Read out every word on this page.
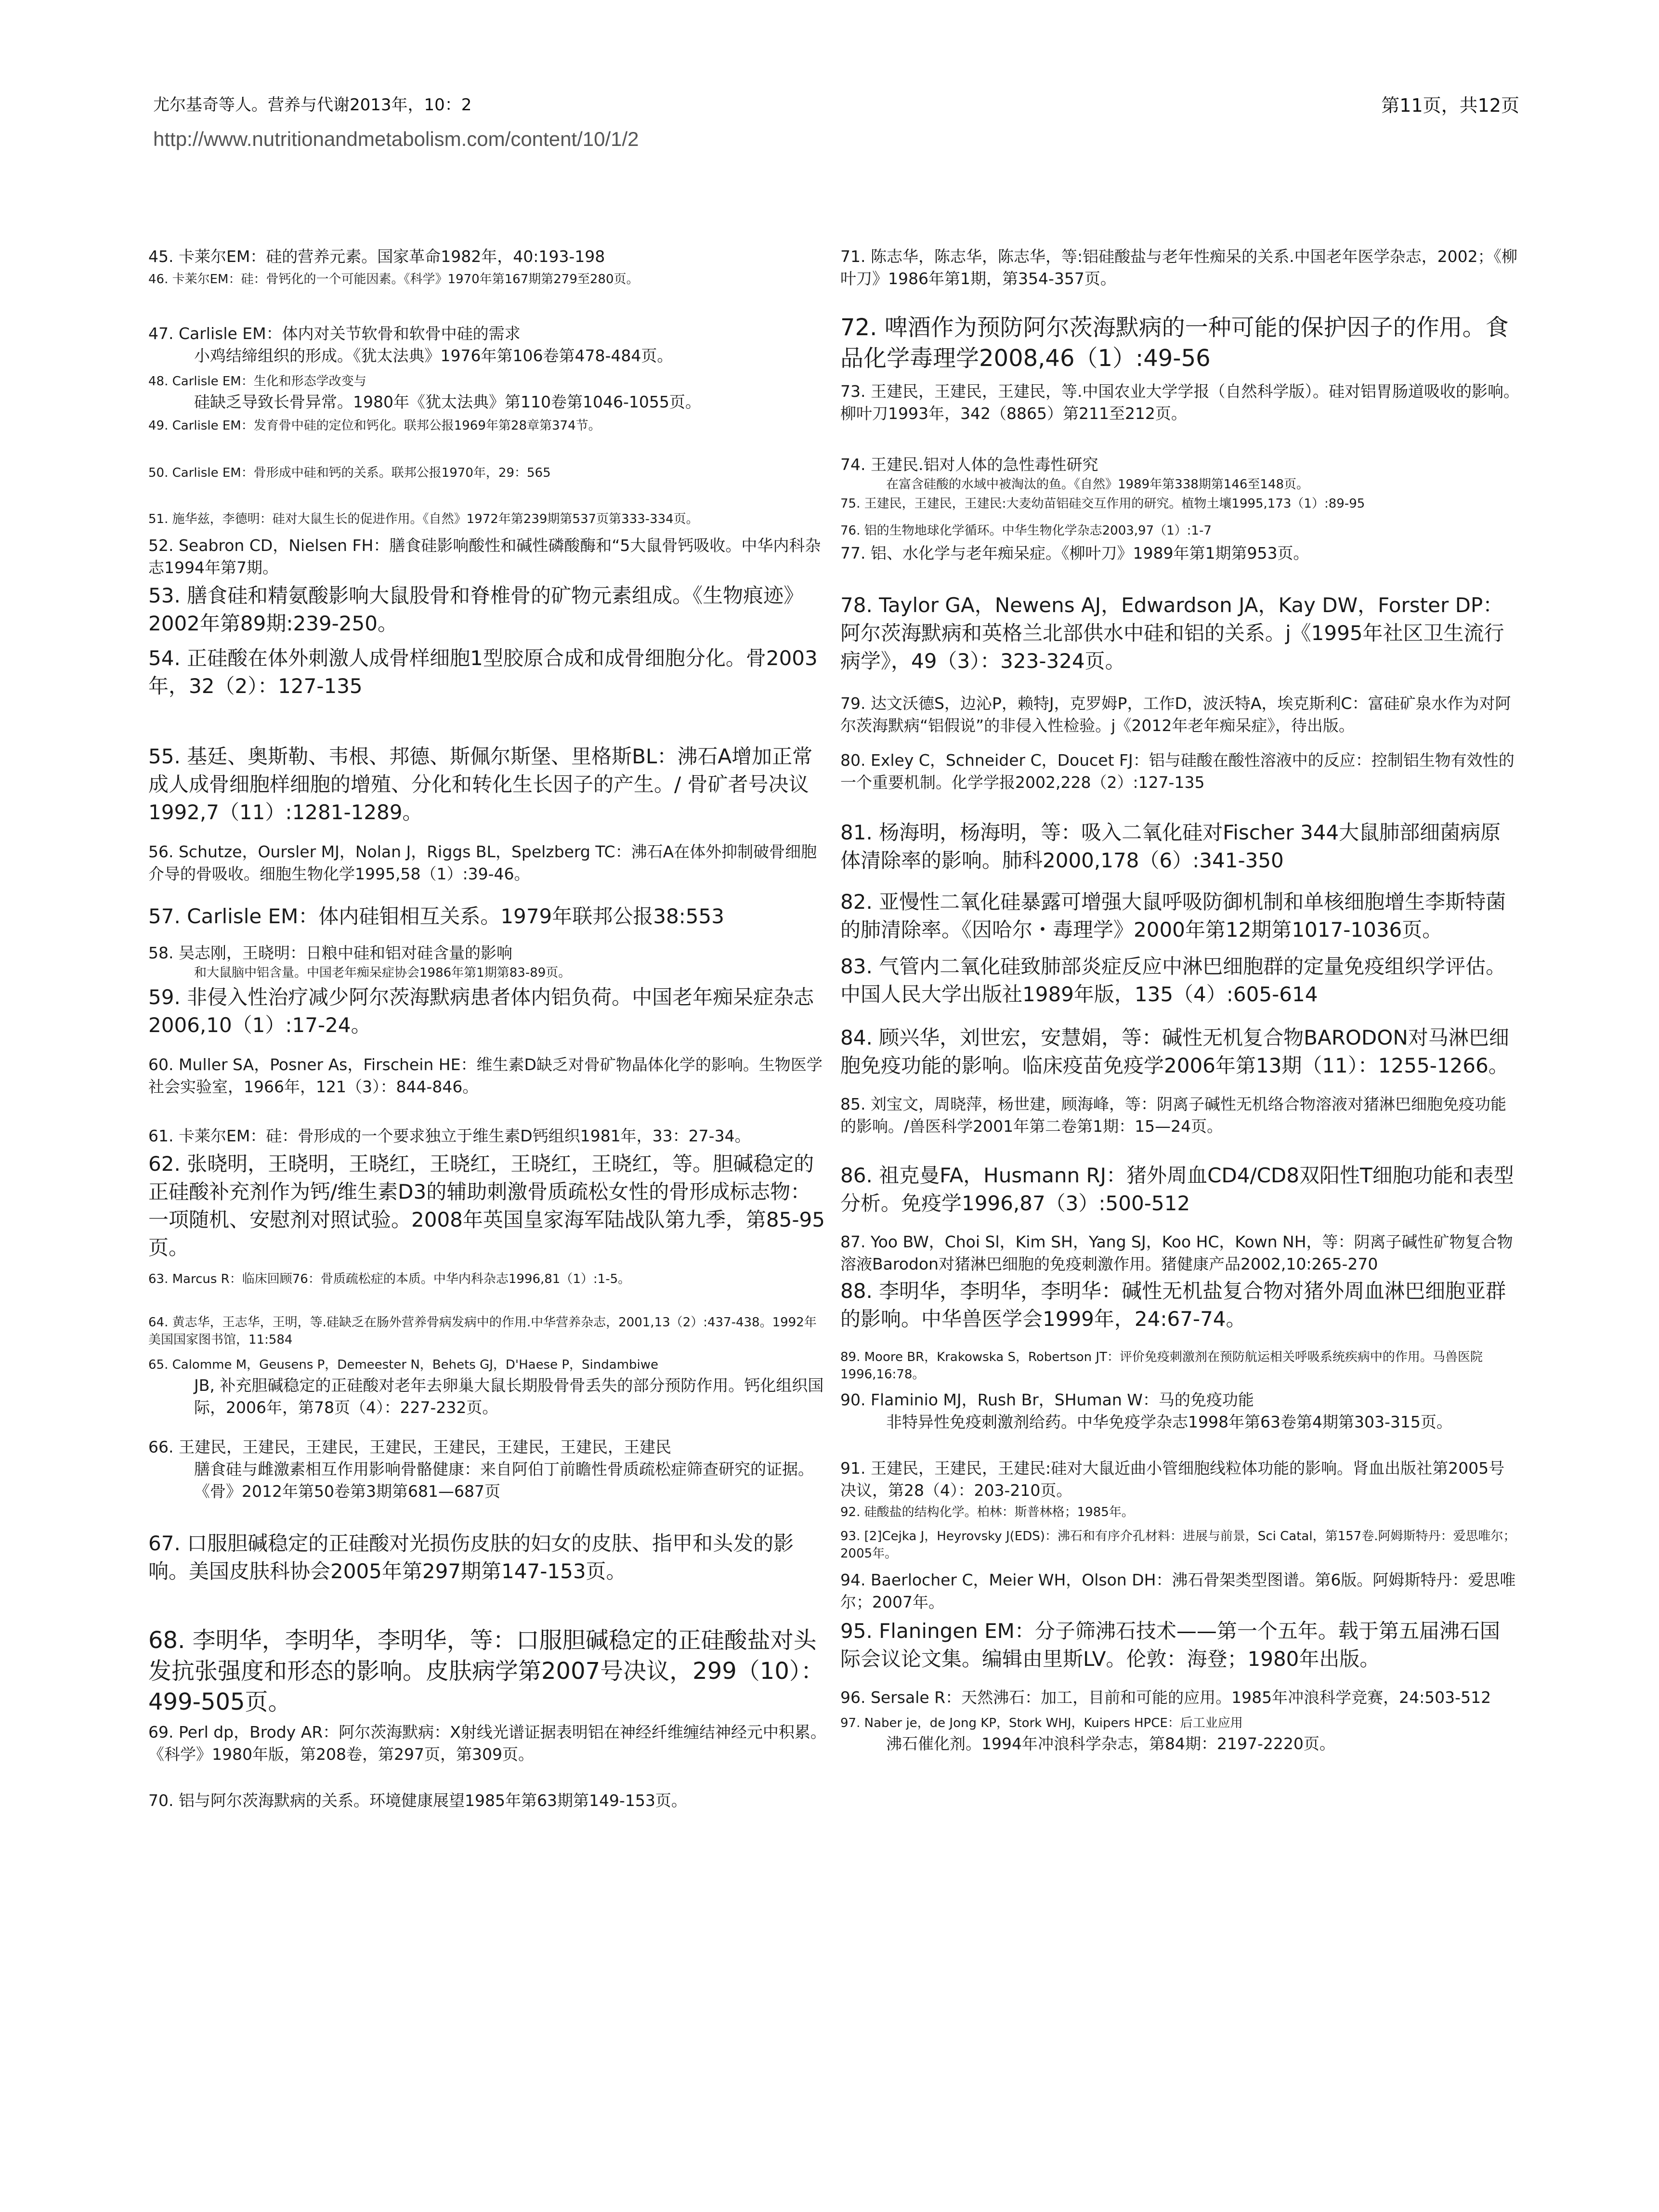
尤尔基奇等人。营养与代谢2013年，10：2
http://www.nutritionandmetabolism.com/content/10/1/2
第11页，共12页
45. 卡莱尔EM：硅的营养元素。国家革命1982年，40:193-198
46. 卡莱尔EM：硅：骨钙化的一个可能因素。《科学》1970年第167期第279至280页。
47. Carlisle EM：体内对关节软骨和软骨中硅的需求
小鸡结缔组织的形成。《犹太法典》1976年第106卷第478-484页。
48. Carlisle EM：生化和形态学改变与
硅缺乏导致长骨异常。1980年《犹太法典》第110卷第1046-1055页。
49. Carlisle EM：发育骨中硅的定位和钙化。联邦公报1969年第28章第374节。
50. Carlisle EM：骨形成中硅和钙的关系。联邦公报1970年，29：565
51. 施华兹，李德明：硅对大鼠生长的促进作用。《自然》1972年第239期第537页第333-334页。
52. Seabron CD，Nielsen FH：膳食硅影响酸性和碱性磷酸酶和“5大鼠骨钙吸收。中华内科杂志1994年第7期。
53. 膳食硅和精氨酸影响大鼠股骨和脊椎骨的矿物元素组成。《生物痕迹》2002年第89期:239-250。
54. 正硅酸在体外刺激人成骨样细胞1型胶原合成和成骨细胞分化。骨2003年，32（2）：127-135
55. 基廷、奥斯勒、韦根、邦德、斯佩尔斯堡、里格斯BL：沸石A增加正常成人成骨细胞样细胞的增殖、分化和转化生长因子的产生。/ 骨矿者号决议1992,7（11）:1281-1289。
56. Schutze，Oursler MJ，Nolan J，Riggs BL，Spelzberg TC：沸石A在体外抑制破骨细胞介导的骨吸收。细胞生物化学1995,58（1）:39-46。
57. Carlisle EM：体内硅钼相互关系。1979年联邦公报38:553
58. 吴志刚，王晓明：日粮中硅和铝对硅含量的影响
和大鼠脑中铝含量。中国老年痴呆症协会1986年第1期第83-89页。
59. 非侵入性治疗减少阿尔茨海默病患者体内铝负荷。中国老年痴呆症杂志2006,10（1）:17-24。
60. Muller SA，Posner As，Firschein HE：维生素D缺乏对骨矿物晶体化学的影响。生物医学社会实验室，1966年，121（3）：844-846。
61. 卡莱尔EM：硅：骨形成的一个要求独立于维生素D钙组织1981年，33：27-34。
62. 张晓明，王晓明，王晓红，王晓红，王晓红，王晓红，等。胆碱稳定的正硅酸补充剂作为钙/维生素D3的辅助刺激骨质疏松女性的骨形成标志物：一项随机、安慰剂对照试验。2008年英国皇家海军陆战队第九季，第85-95页。
63. Marcus R：临床回顾76：骨质疏松症的本质。中华内科杂志1996,81（1）:1-5。
64. 黄志华，王志华，王明，等.硅缺乏在肠外营养骨病发病中的作用.中华营养杂志，2001,13（2）:437-438。1992年美国国家图书馆，11:584
65. Calomme M，Geusens P，Demeester N，Behets GJ，D'Haese P，Sindambiwe
JB, 补充胆碱稳定的正硅酸对老年去卵巢大鼠长期股骨骨丢失的部分预防作用。钙化组织国际，2006年，第78页（4）：227-232页。
66. 王建民，王建民，王建民，王建民，王建民，王建民，王建民，王建民
膳食硅与雌激素相互作用影响骨骼健康：来自阿伯丁前瞻性骨质疏松症筛查研究的证据。《骨》2012年第50卷第3期第681—687页
67. 口服胆碱稳定的正硅酸对光损伤皮肤的妇女的皮肤、指甲和头发的影响。美国皮肤科协会2005年第297期第147-153页。
68. 李明华，李明华，李明华，等：口服胆碱稳定的正硅酸盐对头发抗张强度和形态的影响。皮肤病学第2007号决议，299（10）：499-505页。
69. Perl dp，Brody AR：阿尔茨海默病：X射线光谱证据表明铝在神经纤维缠结神经元中积累。《科学》1980年版，第208卷，第297页，第309页。
70. 铝与阿尔茨海默病的关系。环境健康展望1985年第63期第149-153页。
71. 陈志华，陈志华，陈志华，等:铝硅酸盐与老年性痴呆的关系.中国老年医学杂志，2002；《柳叶刀》1986年第1期，第354-357页。
72. 啤酒作为预防阿尔茨海默病的一种可能的保护因子的作用。食品化学毒理学2008,46（1）:49-56
73. 王建民，王建民，王建民，等.中国农业大学学报（自然科学版）。硅对铝胃肠道吸收的影响。柳叶刀1993年，342（8865）第211至212页。
74. 王建民.铝对人体的急性毒性研究
在富含硅酸的水域中被淘汰的鱼。《自然》1989年第338期第146至148页。
75. 王建民，王建民，王建民:大麦幼苗铝硅交互作用的研究。植物土壤1995,173（1）:89-95
76. 铝的生物地球化学循环。中华生物化学杂志2003,97（1）:1-7
77. 铝、水化学与老年痴呆症。《柳叶刀》1989年第1期第953页。
78. Taylor GA，Newens AJ，Edwardson JA，Kay DW，Forster DP：阿尔茨海默病和英格兰北部供水中硅和铝的关系。j《1995年社区卫生流行病学》，49（3）：323-324页。
79. 达文沃德S，边沁P，赖特J，克罗姆P，工作D，波沃特A，埃克斯利C：富硅矿泉水作为对阿尔茨海默病“铝假说”的非侵入性检验。j《2012年老年痴呆症》，待出版。
80. Exley C，Schneider C，Doucet FJ：铝与硅酸在酸性溶液中的反应：控制铝生物有效性的一个重要机制。化学学报2002,228（2）:127-135
81. 杨海明，杨海明，等：吸入二氧化硅对Fischer 344大鼠肺部细菌病原体清除率的影响。肺科2000,178（6）:341-350
82. 亚慢性二氧化硅暴露可增强大鼠呼吸防御机制和单核细胞增生李斯特菌的肺清除率。《因哈尔・毒理学》2000年第12期第1017-1036页。
83. 气管内二氧化硅致肺部炎症反应中淋巴细胞群的定量免疫组织学评估。中国人民大学出版社1989年版，135（4）:605-614
84. 顾兴华，刘世宏，安慧娟，等：碱性无机复合物BARODON对马淋巴细胞免疫功能的影响。临床疫苗免疫学2006年第13期（11）：1255-1266。
85. 刘宝文，周晓萍，杨世建，顾海峰，等：阴离子碱性无机络合物溶液对猪淋巴细胞免疫功能的影响。/兽医科学2001年第二卷第1期：15—24页。
86. 祖克曼FA，Husmann RJ：猪外周血CD4/CD8双阳性T细胞功能和表型分析。免疫学1996,87（3）:500-512
87. Yoo BW，Choi Sl，Kim SH，Yang SJ，Koo HC，Kown NH，等：阴离子碱性矿物复合物溶液Barodon对猪淋巴细胞的免疫刺激作用。猪健康产品2002,10:265-270
88. 李明华，李明华，李明华：碱性无机盐复合物对猪外周血淋巴细胞亚群的影响。中华兽医学会1999年，24:67-74。
89. Moore BR，Krakowska S，Robertson JT：评价免疫刺激剂在预防航运相关呼吸系统疾病中的作用。马兽医院1996,16:78。
90. Flaminio MJ，Rush Br，SHuman W：马的免疫功能
非特异性免疫刺激剂给药。中华免疫学杂志1998年第63卷第4期第303-315页。
91. 王建民，王建民，王建民:硅对大鼠近曲小管细胞线粒体功能的影响。肾血出版社第2005号决议，第28（4）：203-210页。
92. 硅酸盐的结构化学。柏林：斯普林格；1985年。
93. [2]Cejka J，Heyrovsky J(EDS)：沸石和有序介孔材料：进展与前景，Sci Catal，第157卷.阿姆斯特丹：爱思唯尔；2005年。
94. Baerlocher C，Meier WH，Olson DH：沸石骨架类型图谱。第6版。阿姆斯特丹：爱思唯尔；2007年。
95. Flaningen EM：分子筛沸石技术——第一个五年。载于第五届沸石国际会议论文集。编辑由里斯LV。伦敦：海登；1980年出版。
96. Sersale R：天然沸石：加工，目前和可能的应用。1985年冲浪科学竞赛，24:503-512
97. Naber je，de Jong KP，Stork WHJ，Kuipers HPCE：后工业应用
沸石催化剂。1994年冲浪科学杂志，第84期：2197-2220页。
